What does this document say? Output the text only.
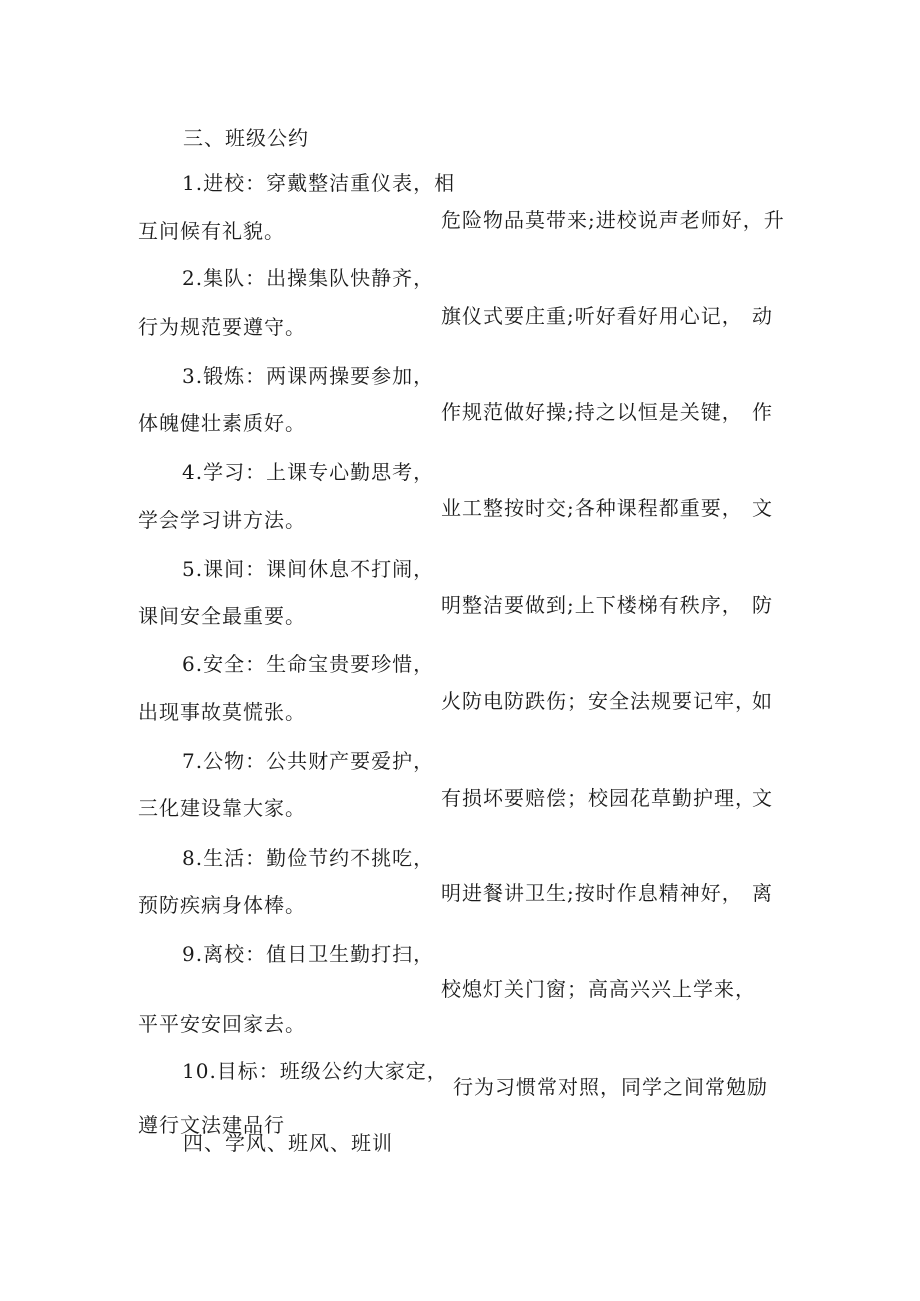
三、班级公约
1.进校：穿戴整洁重仪表，相
危险物品莫带来;进校说声老师好，升
互问候有礼貌。
2.集队：出操集队快静齐，
旗仪式要庄重;听好看好用心记， 动
行为规范要遵守。
3.锻炼：两课两操要参加，
作规范做好操;持之以恒是关键， 作
体魄健壮素质好。
4.学习：上课专心勤思考，
业工整按时交;各种课程都重要， 文
学会学习讲方法。
5.课间：课间休息不打闹，
明整洁要做到;上下楼梯有秩序， 防
课间安全最重要。
6.安全：生命宝贵要珍惜，
火防电防跌伤；安全法规要记牢，
如
出现事故莫慌张。
7.公物：公共财产要爱护，
有损坏要赔偿；校园花草勤护理，
文
三化建设靠大家。
8.生活：勤俭节约不挑吃，
明进餐讲卫生;按时作息精神好， 离
预防疾病身体棒。
9.离校：值日卫生勤打扫，
校熄灯关门窗；高高兴兴上学来，
平平安安回家去。
10.目标：班级公约大家定，
行为习惯常对照，同学之间常勉励
遵行文法建品行
四、学风、班风、班训
